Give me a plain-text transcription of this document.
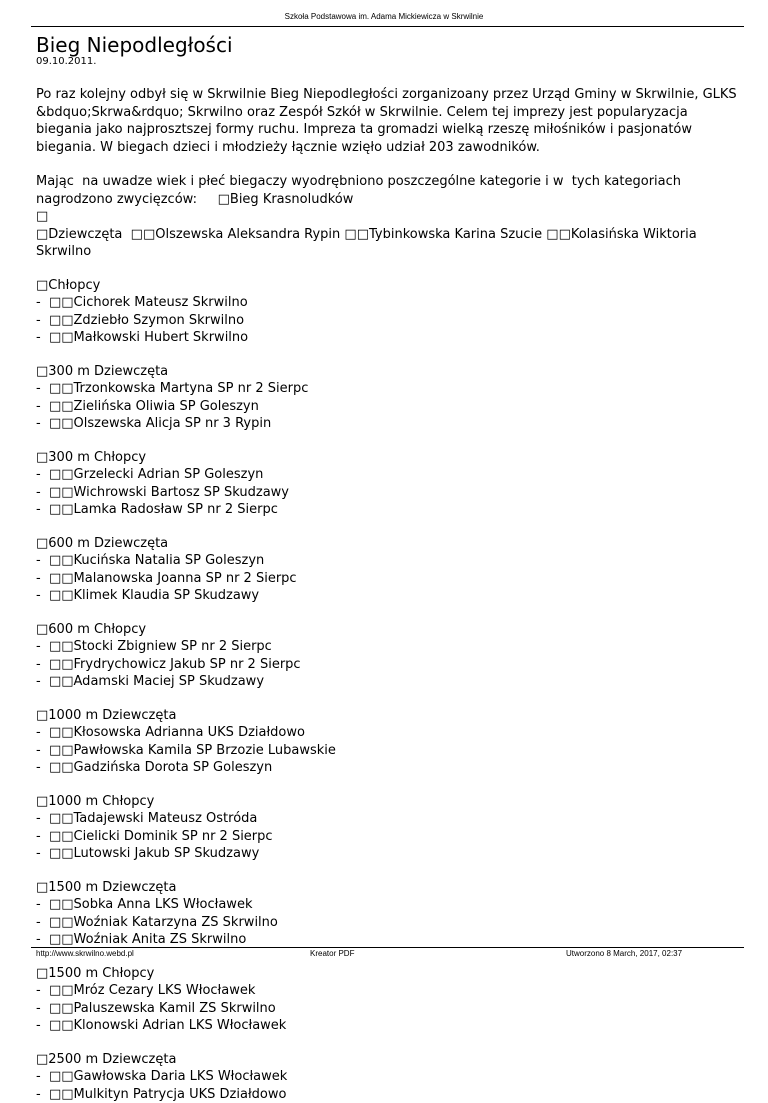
Szkoła Podstawowa im. Adama Mickiewicza w Skrwilnie
Bieg Niepodległości
09.10.2011.

Po raz kolejny odbył się w Skrwilnie Bieg Niepodległości zorganizoany przez Urząd Gminy w Skrwilnie, GLKS &bdquo;Skrwa&rdquo; Skrwilno oraz Zespół Szkół w Skrwilnie. Celem tej imprezy jest popularyzacja biegania jako najprosztszej formy ruchu. Impreza ta gromadzi wielką rzeszę miłośników i pasjonatów biegania. W biegach dzieci i młodzieży łącznie wzięło udział 203 zawodników.

Mając  na uwadze wiek i płeć biegaczy wyodrębniono poszczególne kategorie i w  tych kategoriach
nagrodzono zwycięzców:     □Bieg Krasnoludków
□
□Dziewczęta  □□Olszewska Aleksandra Rypin □□Tybinkowska Karina Szucie □□Kolasińska Wiktoria
Skrwilno
□Chłopcy
-  □□Cichorek Mateusz Skrwilno
-  □□Zdziebło Szymon Skrwilno
-  □□Małkowski Hubert Skrwilno
□300 m Dziewczęta
-  □□Trzonkowska Martyna SP nr 2 Sierpc
-  □□Zielińska Oliwia SP Goleszyn
-  □□Olszewska Alicja SP nr 3 Rypin
□300 m Chłopcy
-  □□Grzelecki Adrian SP Goleszyn
-  □□Wichrowski Bartosz SP Skudzawy
-  □□Lamka Radosław SP nr 2 Sierpc
□600 m Dziewczęta
-  □□Kucińska Natalia SP Goleszyn
-  □□Malanowska Joanna SP nr 2 Sierpc
-  □□Klimek Klaudia SP Skudzawy
□600 m Chłopcy
-  □□Stocki Zbigniew SP nr 2 Sierpc
-  □□Frydrychowicz Jakub SP nr 2 Sierpc
-  □□Adamski Maciej SP Skudzawy
□1000 m Dziewczęta
-  □□Kłosowska Adrianna UKS Działdowo
-  □□Pawłowska Kamila SP Brzozie Lubawskie
-  □□Gadzińska Dorota SP Goleszyn
□1000 m Chłopcy
-  □□Tadajewski Mateusz Ostróda
-  □□Cielicki Dominik SP nr 2 Sierpc
-  □□Lutowski Jakub SP Skudzawy
□1500 m Dziewczęta
-  □□Sobka Anna LKS Włocławek
-  □□Woźniak Katarzyna ZS Skrwilno
-  □□Woźniak Anita ZS Skrwilno
□1500 m Chłopcy
-  □□Mróz Cezary LKS Włocławek
-  □□Paluszewska Kamil ZS Skrwilno
-  □□Klonowski Adrian LKS Włocławek
□2500 m Dziewczęta
-  □□Gawłowska Daria LKS Włocławek
-  □□Mulkityn Patrycja UKS Działdowo
http://www.skrwilno.webd.pl	Kreator PDF	Utworzono 8 March, 2017, 02:37
